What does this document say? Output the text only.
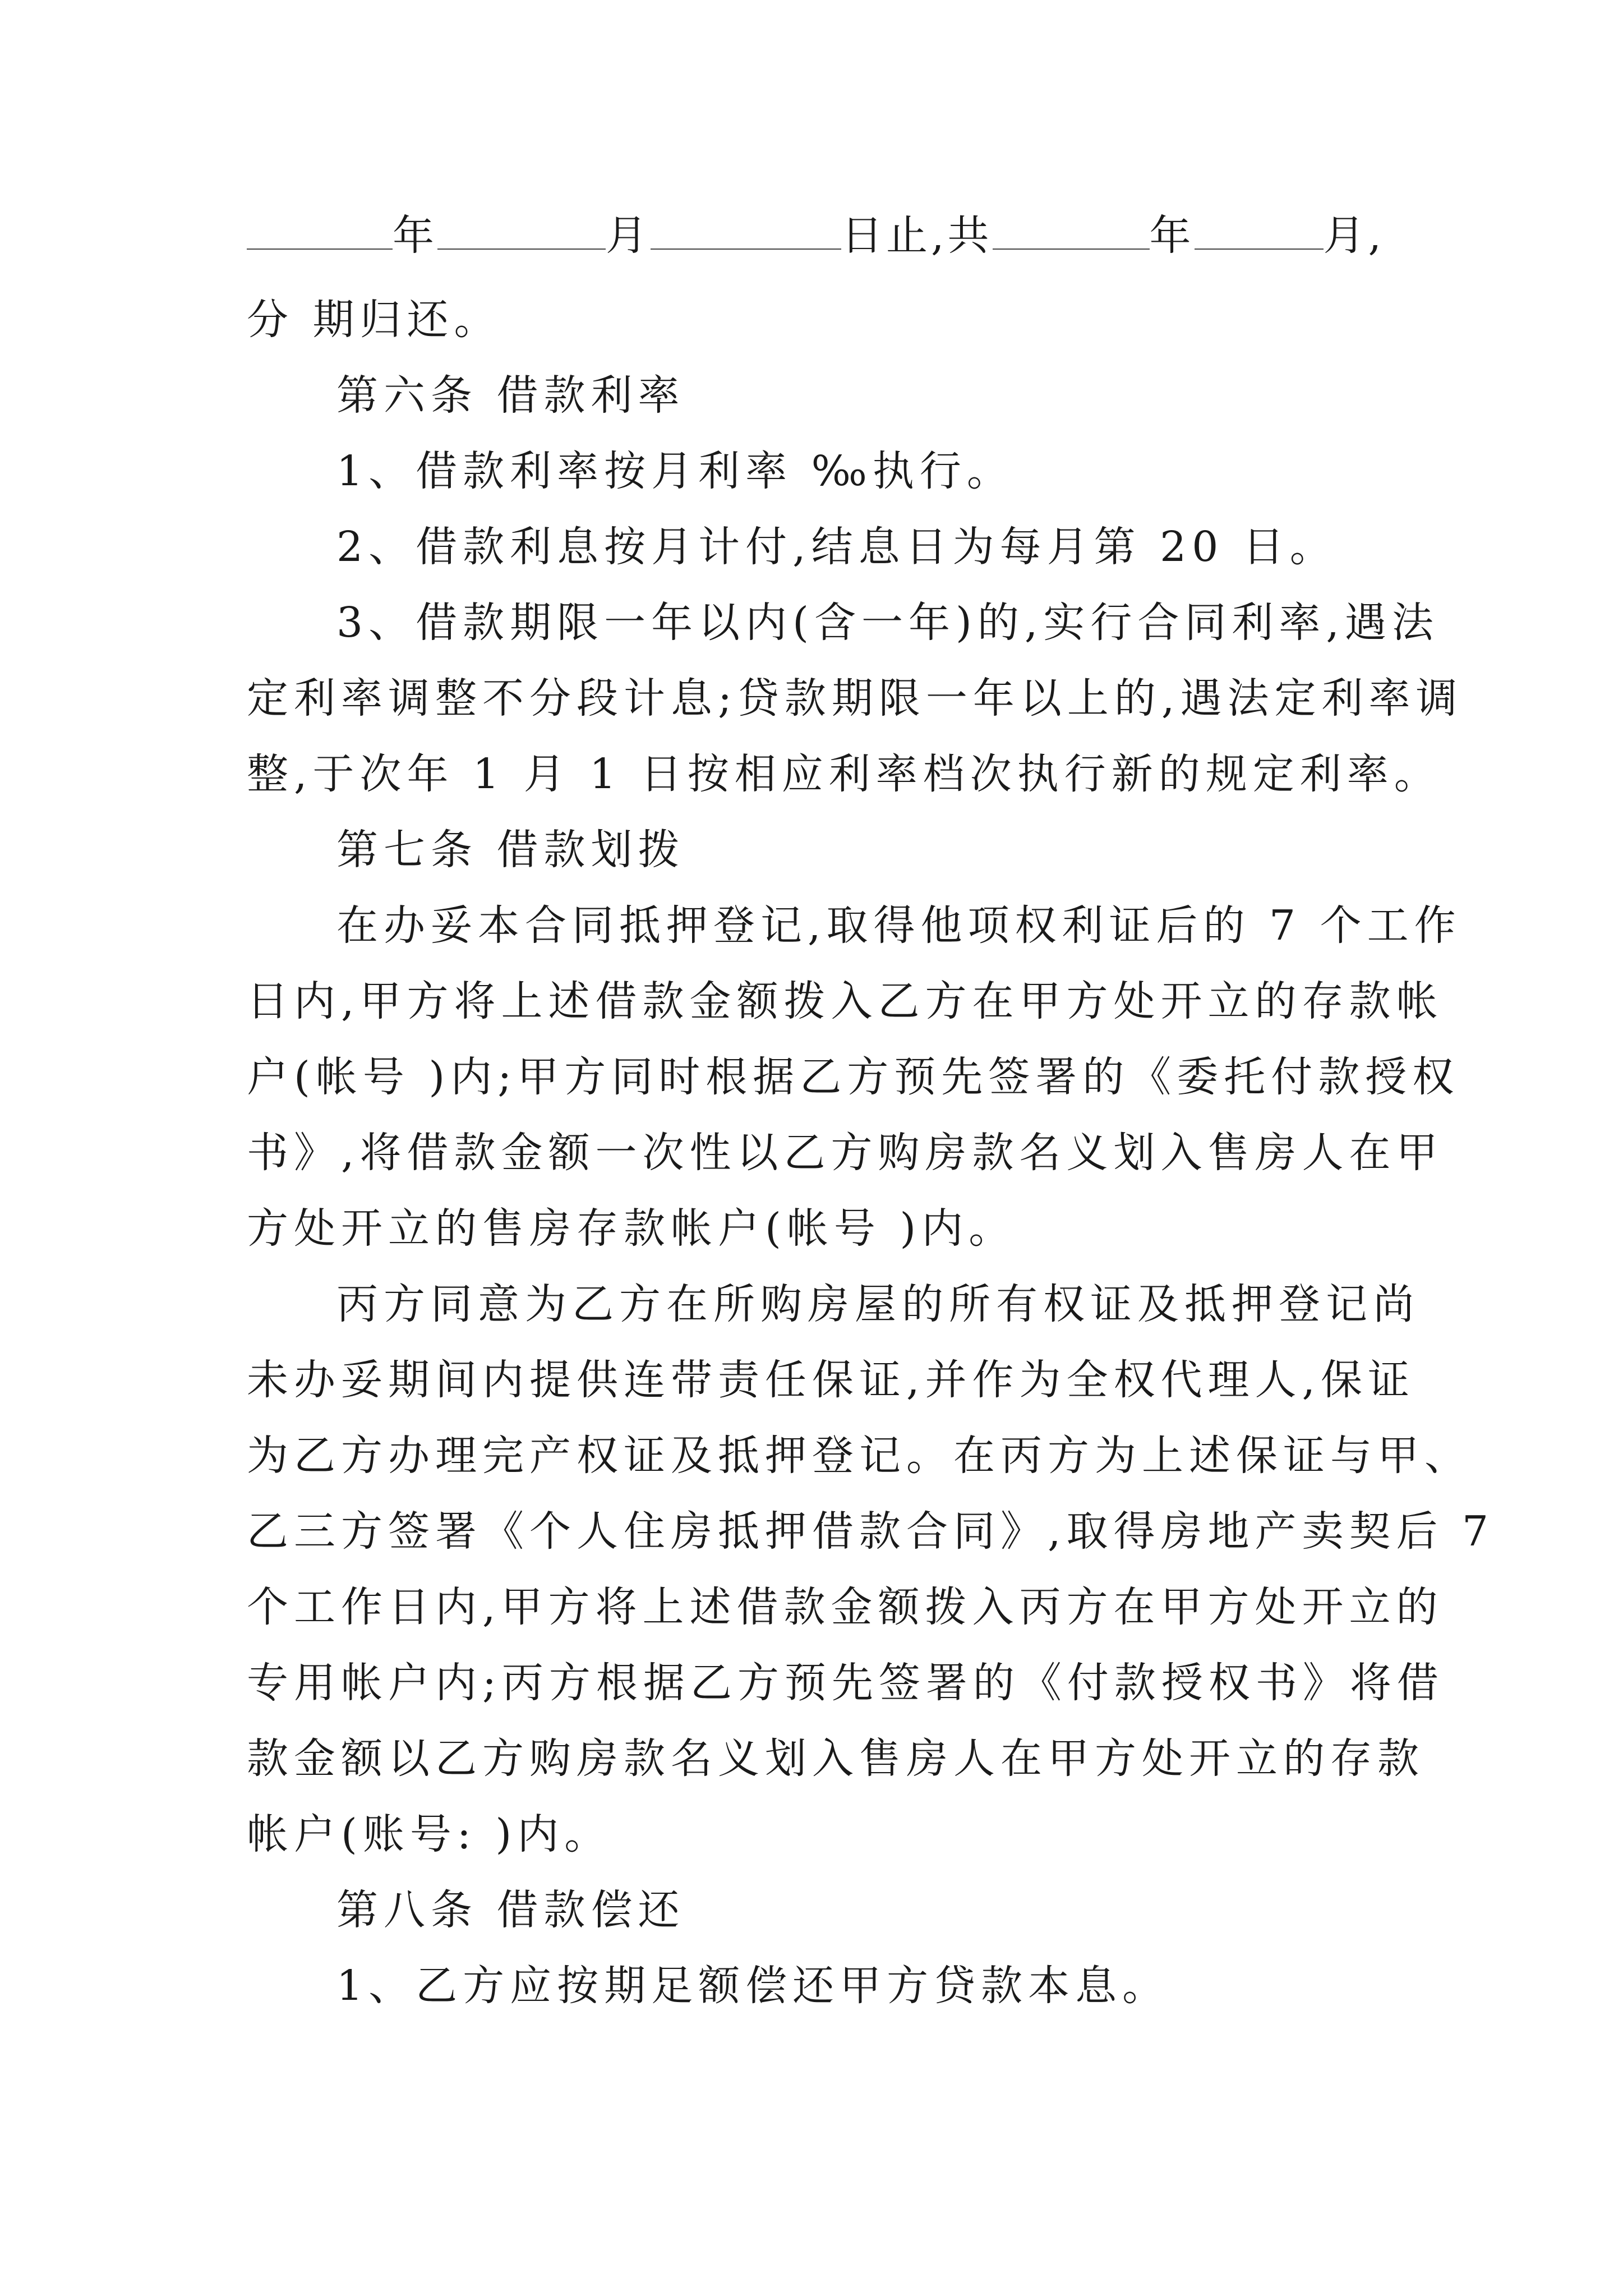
年	月	日止,共	年	月,
分 期归还。
第六条 借款利率
1、借款利率按月利率 ‰执行。
2、借款利息按月计付,结息日为每月第 20 日。
3、借款期限一年以内(含一年)的,实行合同利率,遇法
定利率调整不分段计息;贷款期限一年以上的,遇法定利率调
整,于次年 1 月 1 日按相应利率档次执行新的规定利率。
第七条 借款划拨
在办妥本合同抵押登记,取得他项权利证后的 7 个工作
日内,甲方将上述借款金额拨入乙方在甲方处开立的存款帐
户(帐号 )内;甲方同时根据乙方预先签署的《委托付款授权
书》,将借款金额一次性以乙方购房款名义划入售房人在甲
方处开立的售房存款帐户(帐号 )内。
丙方同意为乙方在所购房屋的所有权证及抵押登记尚
未办妥期间内提供连带责任保证,并作为全权代理人,保证
为乙方办理完产权证及抵押登记。在丙方为上述保证与甲、
乙三方签署《个人住房抵押借款合同》,取得房地产卖契后 7
个工作日内,甲方将上述借款金额拨入丙方在甲方处开立的
专用帐户内;丙方根据乙方预先签署的《付款授权书》将借
款金额以乙方购房款名义划入售房人在甲方处开立的存款
帐户(账号: )内。
第八条 借款偿还
1、乙方应按期足额偿还甲方贷款本息。
